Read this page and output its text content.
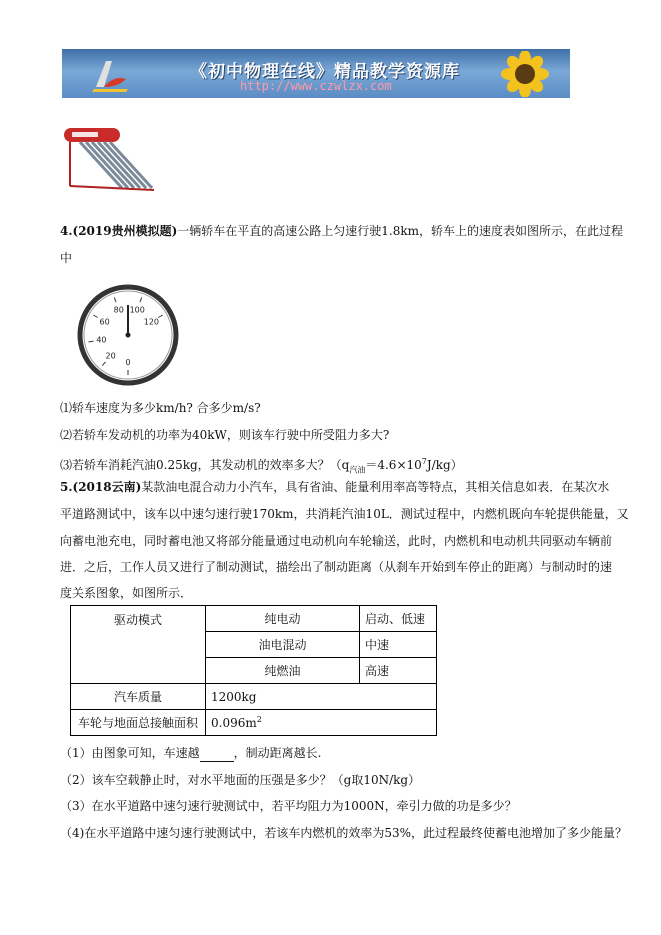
《初中物理在线》精品教学资源库
http://www.czwlzx.com
4.(2019贵州模拟题)一辆轿车在平直的高速公路上匀速行驶1.8km，轿车上的速度表如图所示，在此过程
中
0
20
40
60
80 100
120
⑴轿车速度为多少km/h? 合多少m/s?
⑵若轿车发动机的功率为40kW，则该车行驶中所受阻力多大?
⑶若轿车消耗汽油0.25kg，其发动机的效率多大？$(q_{汽油}=4.6\times 10^7J/kg)$
5.(2018云南)某款油电混合动力小汽车，具有省油、能量利用率高等特点，其相关信息如表．在某次水
平道路测试中，该车以中速匀速行驶170km，共消耗汽油10L．测试过程中，内燃机既向车轮提供能量，又
向蓄电池充电，同时蓄电池又将部分能量通过电动机向车轮输送，此时，内燃机和电动机共同驱动车辆前
进．之后，工作人员又进行了制动测试，描绘出了制动距离（从刹车开始到车停止的距离）与制动时的速
度关系图象，如图所示．
驱动模式	纯电动	启动、低速
	油电混动	中速
	纯燃油	高速
汽车质量	1200kg	
车轮与地面总接触面积	$0.096m^2$
（1）由图象可知，车速越	，制动距离越长.
（2）该车空载静止时，对水平地面的压强是多少？（g取10N/kg）
（3）在水平道路中速匀速行驶测试中，若平均阻力为1000N，牵引力做的功是多少？
（4)在水平道路中速匀速行驶测试中，若该车内燃机的效率为53%，此过程最终使蓄电池增加了多少能量？
